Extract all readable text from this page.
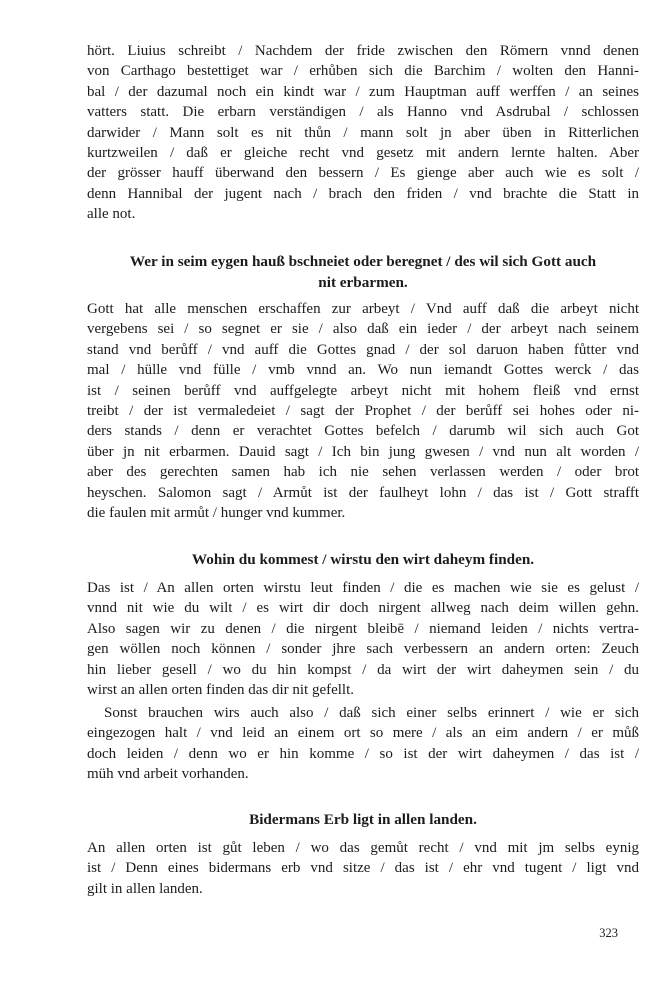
hört. Liuius schreibt / Nachdem der fride zwischen den Römern vnnd denen
von Carthago bestettiget war / erhůben sich die Barchim / wolten den Hanni-
bal / der dazumal noch ein kindt war / zum Hauptman auff werffen / an seines
vatters statt. Die erbarn verständigen / als Hanno vnd Asdrubal / schlossen
darwider / Mann solt es nit thůn / mann solt jn aber üben in Ritterlichen
kurtzweilen / daß er gleiche recht vnd gesetz mit andern lernte halten. Aber
der grösser hauff überwand den bessern / Es gienge aber auch wie es solt /
denn Hannibal der jugent nach / brach den friden / vnd brachte die Statt in
alle not.
Wer in seim eygen hauß bschneiet oder beregnet / des wil sich Gott auch
nit erbarmen.
Gott hat alle menschen erschaffen zur arbeyt / Vnd auff daß die arbeyt nicht
vergebens sei / so segnet er sie / also daß ein ieder / der arbeyt nach seinem
stand vnd berůff / vnd auff die Gottes gnad / der sol daruon haben fůtter vnd
mal / hülle vnd fülle / vmb vnnd an. Wo nun iemandt Gottes werck / das
ist / seinen berůff vnd auffgelegte arbeyt nicht mit hohem fleiß vnd ernst
treibt / der ist vermaledeiet / sagt der Prophet / der berůff sei hohes oder ni-
ders stands / denn er verachtet Gottes befelch / darumb wil sich auch Got
über jn nit erbarmen. Dauid sagt / Ich bin jung gwesen / vnd nun alt worden /
aber des gerechten samen hab ich nie sehen verlassen werden / oder brot
heyschen. Salomon sagt / Armůt ist der faulheyt lohn / das ist / Gott strafft
die faulen mit armůt / hunger vnd kummer.
Wohin du kommest / wirstu den wirt daheym finden.
Das ist / An allen orten wirstu leut finden / die es machen wie sie es gelust /
vnnd nit wie du wilt / es wirt dir doch nirgent allweg nach deim willen gehn.
Also sagen wir zu denen / die nirgent bleibē / niemand leiden / nichts vertra-
gen wöllen noch können / sonder jhre sach verbessern an andern orten: Zeuch
hin lieber gesell / wo du hin kompst / da wirt der wirt daheymen sein / du
wirst an allen orten finden das dir nit gefellt.
Sonst brauchen wirs auch also / daß sich einer selbs erinnert / wie er sich
eingezogen halt / vnd leid an einem ort so mere / als an eim andern / er můß
doch leiden / denn wo er hin komme / so ist der wirt daheymen / das ist /
müh vnd arbeit vorhanden.
Bidermans Erb ligt in allen landen.
An allen orten ist gůt leben / wo das gemůt recht / vnd mit jm selbs eynig
ist / Denn eines bidermans erb vnd sitze / das ist / ehr vnd tugent / ligt vnd
gilt in allen landen.
323
